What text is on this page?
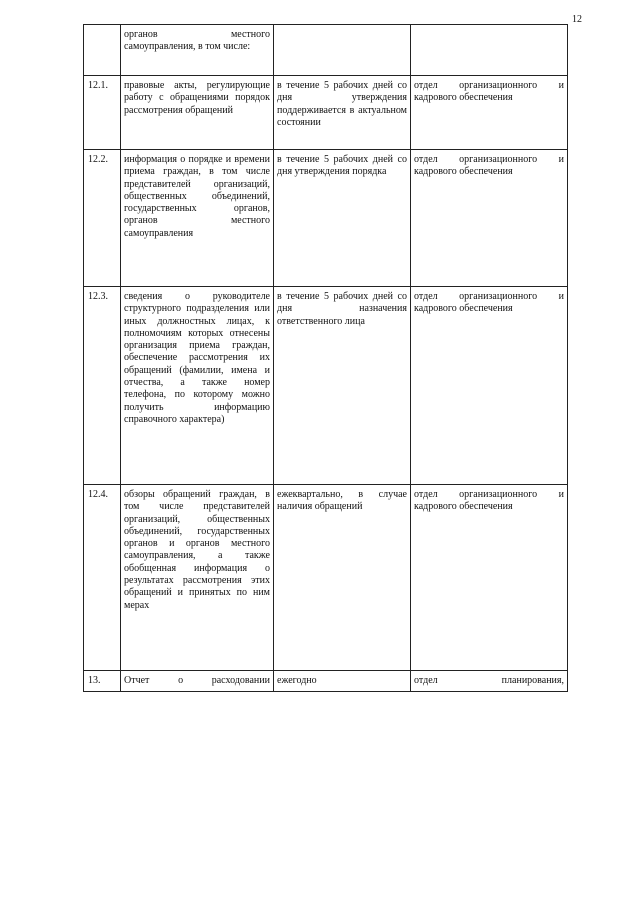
12
	органов местного самоуправления, в том числе:		
12.1.	правовые акты, регулирующие работу с обращениями порядок рассмотрения обращений	в течение 5 рабочих дней со дня утверждения поддерживается в актуальном состоянии	отдел организационного и кадрового обеспечения
12.2.	информация о порядке и времени приема граждан, в том числе представителей организаций, общественных объединений, государственных органов, органов местного самоуправления	в течение 5 рабочих дней со дня утверждения порядка	отдел организационного и кадрового обеспечения
12.3.	сведения о руководителе структурного подразделения или иных должностных лицах, к полномочиям которых отнесены организация приема граждан, обеспечение рассмотрения их обращений (фамилии, имена и отчества, а также номер телефона, по которому можно получить информацию справочного характера)	в течение 5 рабочих дней со дня назначения ответственного лица	отдел организационного и кадрового обеспечения
12.4.	обзоры обращений граждан, в том числе представителей организаций, общественных объединений, государственных органов и органов местного самоуправления, а также обобщенная информация о результатах рассмотрения этих обращений и принятых по ним мерах	ежеквартально, в случае наличия обращений	отдел организационного и кадрового обеспечения
13.	Отчет о расходовании	ежегодно	отдел планирования,
